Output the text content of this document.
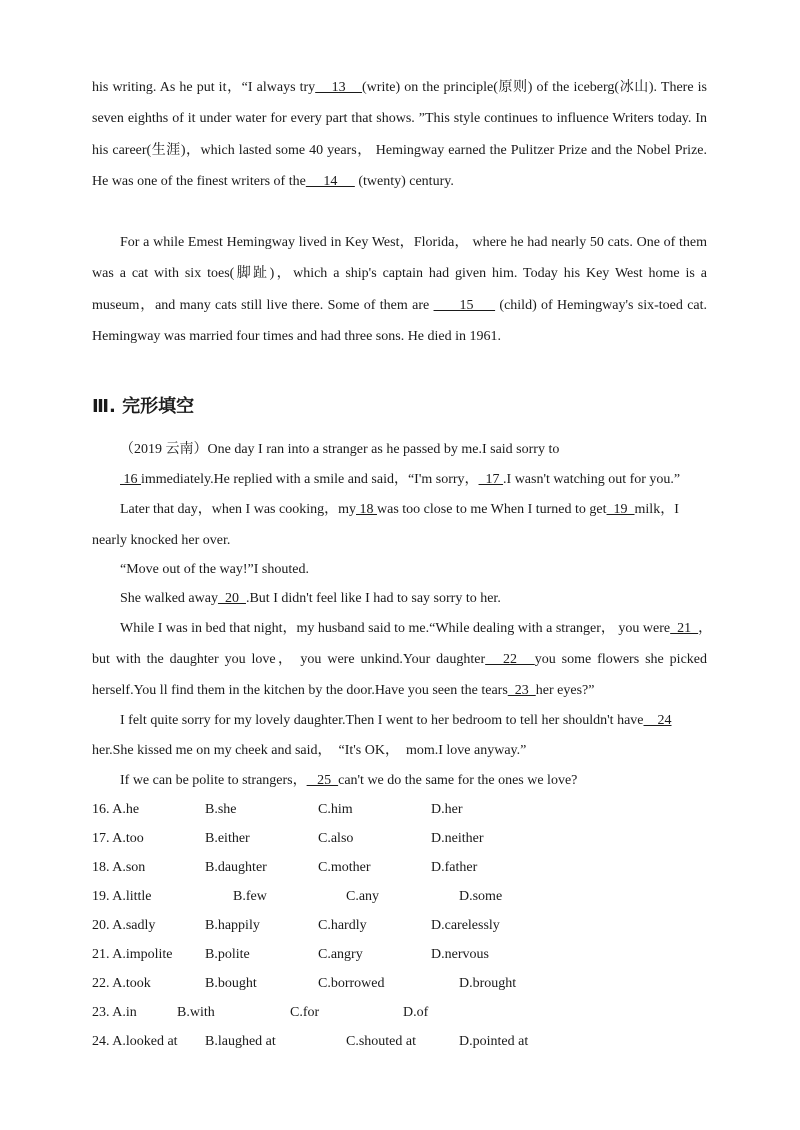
his writing. As he put it，“I always try    13    (write) on the principle(原则) of the iceberg(冰山). There is seven eighths of it under water for every part that shows. ”This style continues to influence Writers today. In his career(生涯)，which lasted some 40 years， Hemingway earned the Pulitzer Prize and the Nobel Prize. He was one of the finest writers of the     14      (twenty) century.
For a while Emest Hemingway lived in Key West，Florida， where he had nearly 50 cats. One of them was a cat with six toes(脚趾)，which a ship's captain had given him. Today his Key West home is a museum，and many cats still live there. Some of them are       15      (child) of Hemingway's six-toed cat. Hemingway was married four times and had three sons. He died in 1961.
Ⅲ. 完形填空
（2019 云南）One day I ran into a stranger as he passed by me.I said sorry to
16 immediately.He replied with a smile and said，“I'm sorry，  17 .I wasn't watching out for you.”
Later that day，when I was cooking，my 18 was too close to me When I turned to get  19  milk，I
nearly knocked her over.
“Move out of the way!”I shouted.
She walked away  20  .But I didn't feel like I had to say sorry to her.
While I was in bed that night，my husband said to me.“While dealing with a stranger， you were  21  ，
but with the daughter you love， you were unkind.Your daughter   22   you some flowers she picked
herself.You ll find them in the kitchen by the door.Have you seen the tears  23  her eyes?”
I felt quite sorry for my lovely daughter.Then I went to her bedroom to tell her shouldn't have    24
her.She kissed me on my cheek and said，  “It's OK，  mom.I love anyway.”
If we can be polite to strangers，   25  can't we do the same for the ones we love?
16. A.he	B.she	C.him	D.her
17. A.too	B.either	C.also	D.neither
18. A.son	B.daughter	C.mother	D.father
19. A.little	B.few	C.any	D.some
20. A.sadly	B.happily	C.hardly	D.carelessly
21. A.impolite B.polite	C.angry	D.nervous
22. A.took	B.bought	C.borrowed	D.brought
23. A.in	B.with	C.for	D.of
24. A.looked at B.laughed at	C.shouted at	D.pointed at
